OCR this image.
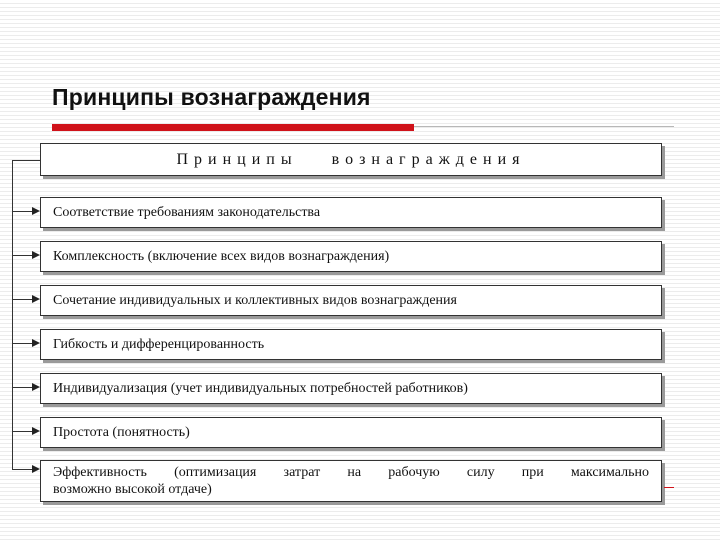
Принципы вознаграждения
Принципы вознаграждения
Соответствие требованиям законодательства
Комплексность (включение всех видов вознаграждения)
Сочетание индивидуальных и коллективных видов вознаграждения
Гибкость и дифференцированность
Индивидуализация (учет индивидуальных потребностей работников)
Простота (понятность)
Эффективность (оптимизация затрат на рабочую силу при максимально
возможно высокой отдаче)
